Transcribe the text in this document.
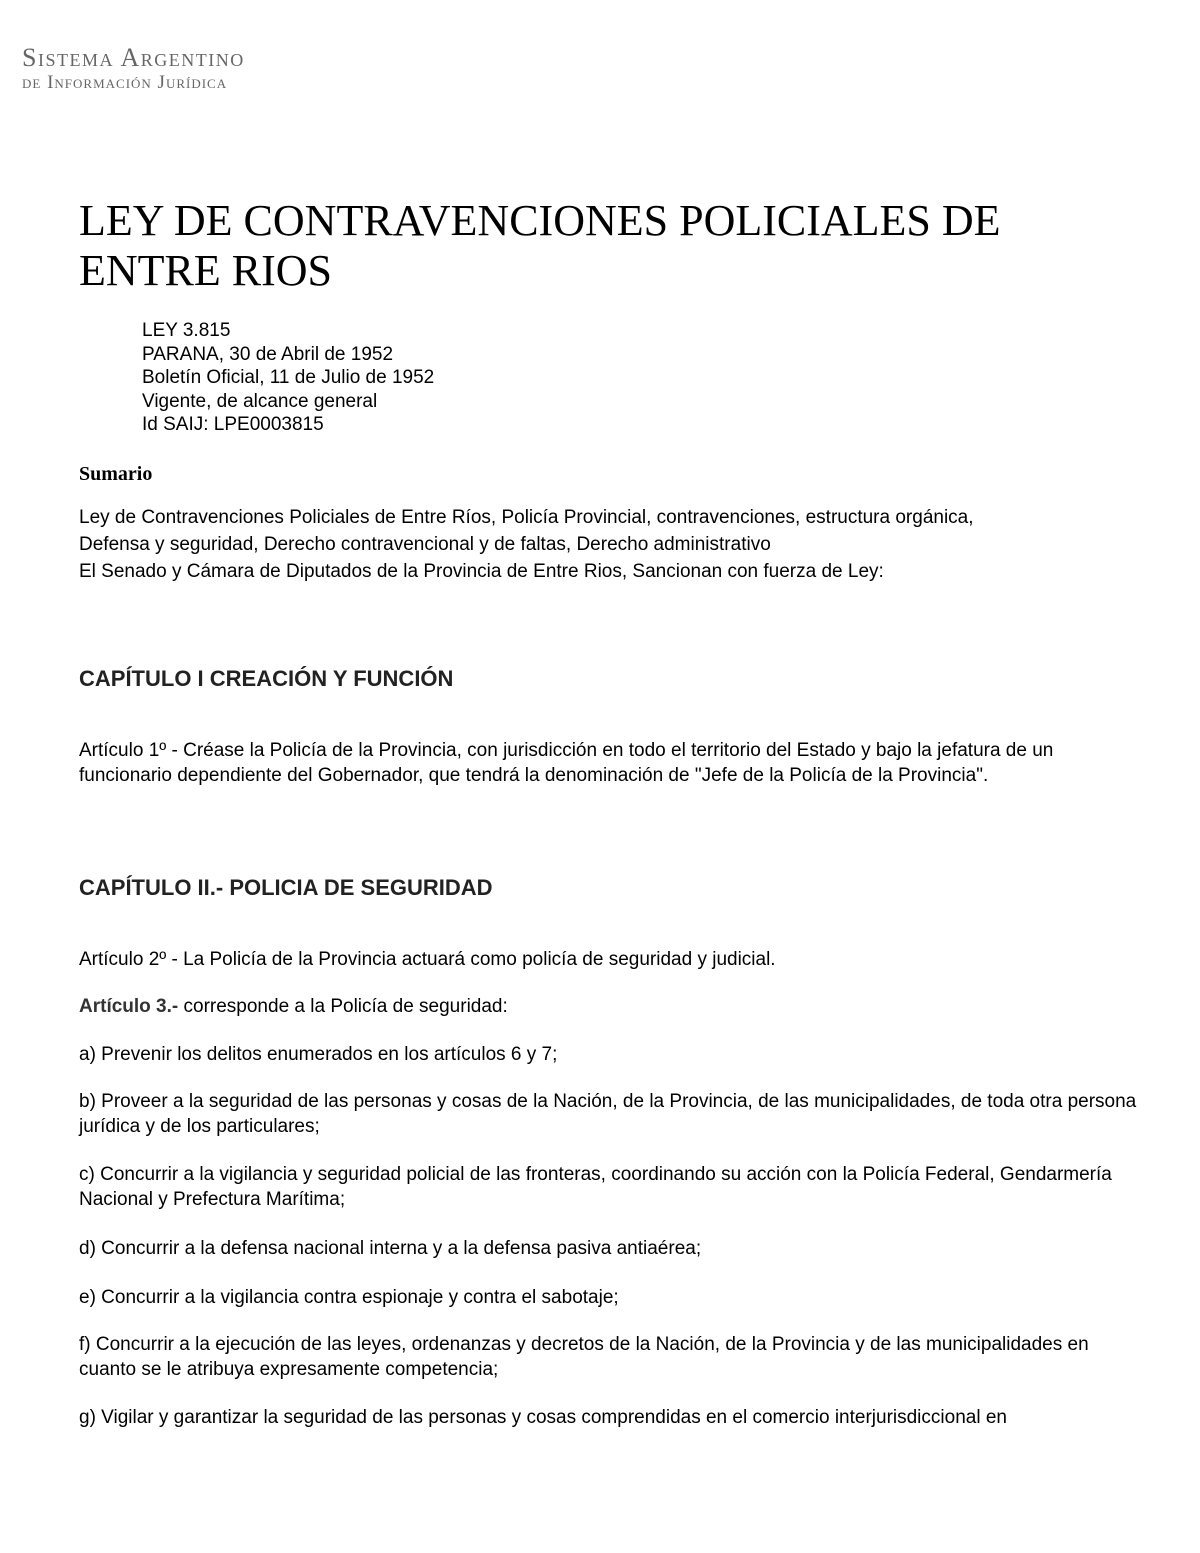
Sistema Argentino
de Información Jurídica
LEY DE CONTRAVENCIONES POLICIALES DE ENTRE RIOS
LEY 3.815
PARANA, 30 de Abril de 1952
Boletín Oficial, 11 de Julio de 1952
Vigente, de alcance general
Id SAIJ: LPE0003815
Sumario
Ley de Contravenciones Policiales de Entre Ríos, Policía Provincial, contravenciones, estructura orgánica,
Defensa y seguridad, Derecho contravencional y de faltas, Derecho administrativo
El Senado y Cámara de Diputados de la Provincia de Entre Rios, Sancionan con fuerza de Ley:
CAPÍTULO I CREACIÓN Y FUNCIÓN
Artículo 1º - Créase la Policía de la Provincia, con jurisdicción en todo el territorio del Estado y bajo la jefatura de un funcionario dependiente del Gobernador, que tendrá la denominación de "Jefe de la Policía de la Provincia".
CAPÍTULO II.- POLICIA DE SEGURIDAD
Artículo 2º - La Policía de la Provincia actuará como policía de seguridad y judicial.
Artículo 3.- corresponde a la Policía de seguridad:
a) Prevenir los delitos enumerados en los artículos 6 y 7;
b) Proveer a la seguridad de las personas y cosas de la Nación, de la Provincia, de las municipalidades, de toda otra persona jurídica y de los particulares;
c) Concurrir a la vigilancia y seguridad policial de las fronteras, coordinando su acción con la Policía Federal, Gendarmería Nacional y Prefectura Marítima;
d) Concurrir a la defensa nacional interna y a la defensa pasiva antiaérea;
e) Concurrir a la vigilancia contra espionaje y contra el sabotaje;
f) Concurrir a la ejecución de las leyes, ordenanzas y decretos de la Nación, de la Provincia y de las municipalidades en cuanto se le atribuya expresamente competencia;
g) Vigilar y garantizar la seguridad de las personas y cosas comprendidas en el comercio interjurisdiccional en
